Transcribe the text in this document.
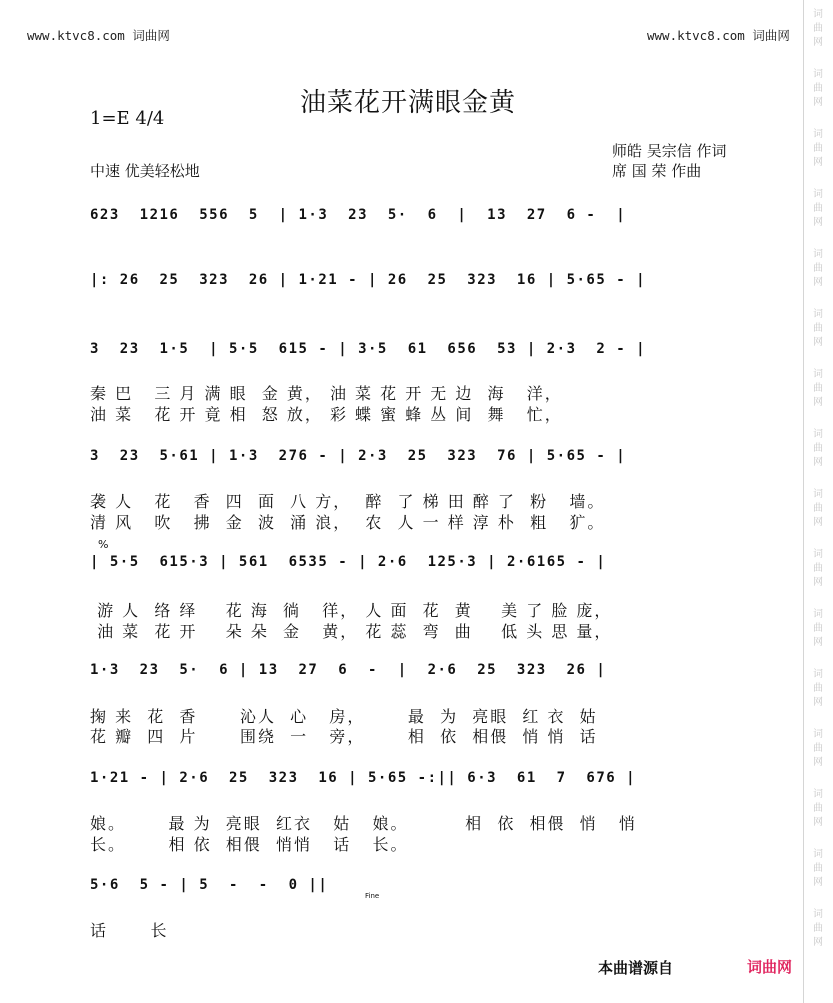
词
曲
网
词
曲
网
词
曲
网
词
曲
网
词
曲
网
词
曲
网
词
曲
网
词
曲
网
词
曲
网
词
曲
网
词
曲
网
词
曲
网
词
曲
网
词
曲
网
词
曲
网
词
曲
网
www.ktvc8.com 词曲网	www.ktvc8.com 词曲网
油菜花开满眼金黄
1=E 4/4
师皓 吴宗信 作词
席 国 荣 作曲
中速 优美轻松地
623  1216  556  5  | 1·3  23  5·  6  |  13  27  6 -  |
|: 26  25  323  26 | 1·21 - | 26  25  323  16 | 5·65 - |
3  23  1·5  | 5·5  615 - | 3·5  61  656  53 | 2·3  2 - |
秦 巴   三 月 满 眼  金 黄， 油 菜 花 开 无 边  海   洋，
油 菜   花 开 竟 相  怒 放， 彩 蝶 蜜 蜂 丛 间  舞   忙，
3  23  5·61 | 1·3  276 - | 2·3  25  323  76 | 5·65 - |
袭 人   花   香  四  面  八 方，  醉  了 梯 田 醉 了  粉   墙。
清 风   吹   拂  金  波  涌 浪，  农  人 一 样 淳 朴  粗   犷。
%
| 5·5  615·3 | 561  6535 - | 2·6  125·3 | 2·6165 - |
游 人  络 绎    花 海  徜   徉， 人 面  花  黄    美 了 脸 庞，
油 菜  花 开    朵 朵  金   黄， 花 蕊  弯  曲    低 头 思 量，
1·3  23  5·  6 | 13  27  6  -  |  2·6  25  323  26 |
掬 来  花  香      沁人  心   房，      最  为  亮眼  红 衣  姑
花 瓣  四  片      围绕  一   旁，      相  依  相偎  悄 悄  话
1·21 - | 2·6  25  323  16 | 5·65 -:|| 6·3  61  7  676 |
娘。      最 为  亮眼  红衣   姑   娘。        相  依  相偎  悄   悄
长。      相 依  相偎  悄悄   话   长。
5·6  5 - | 5  -  -  0 ||
Fine
话      长
本曲谱源自	词曲网
